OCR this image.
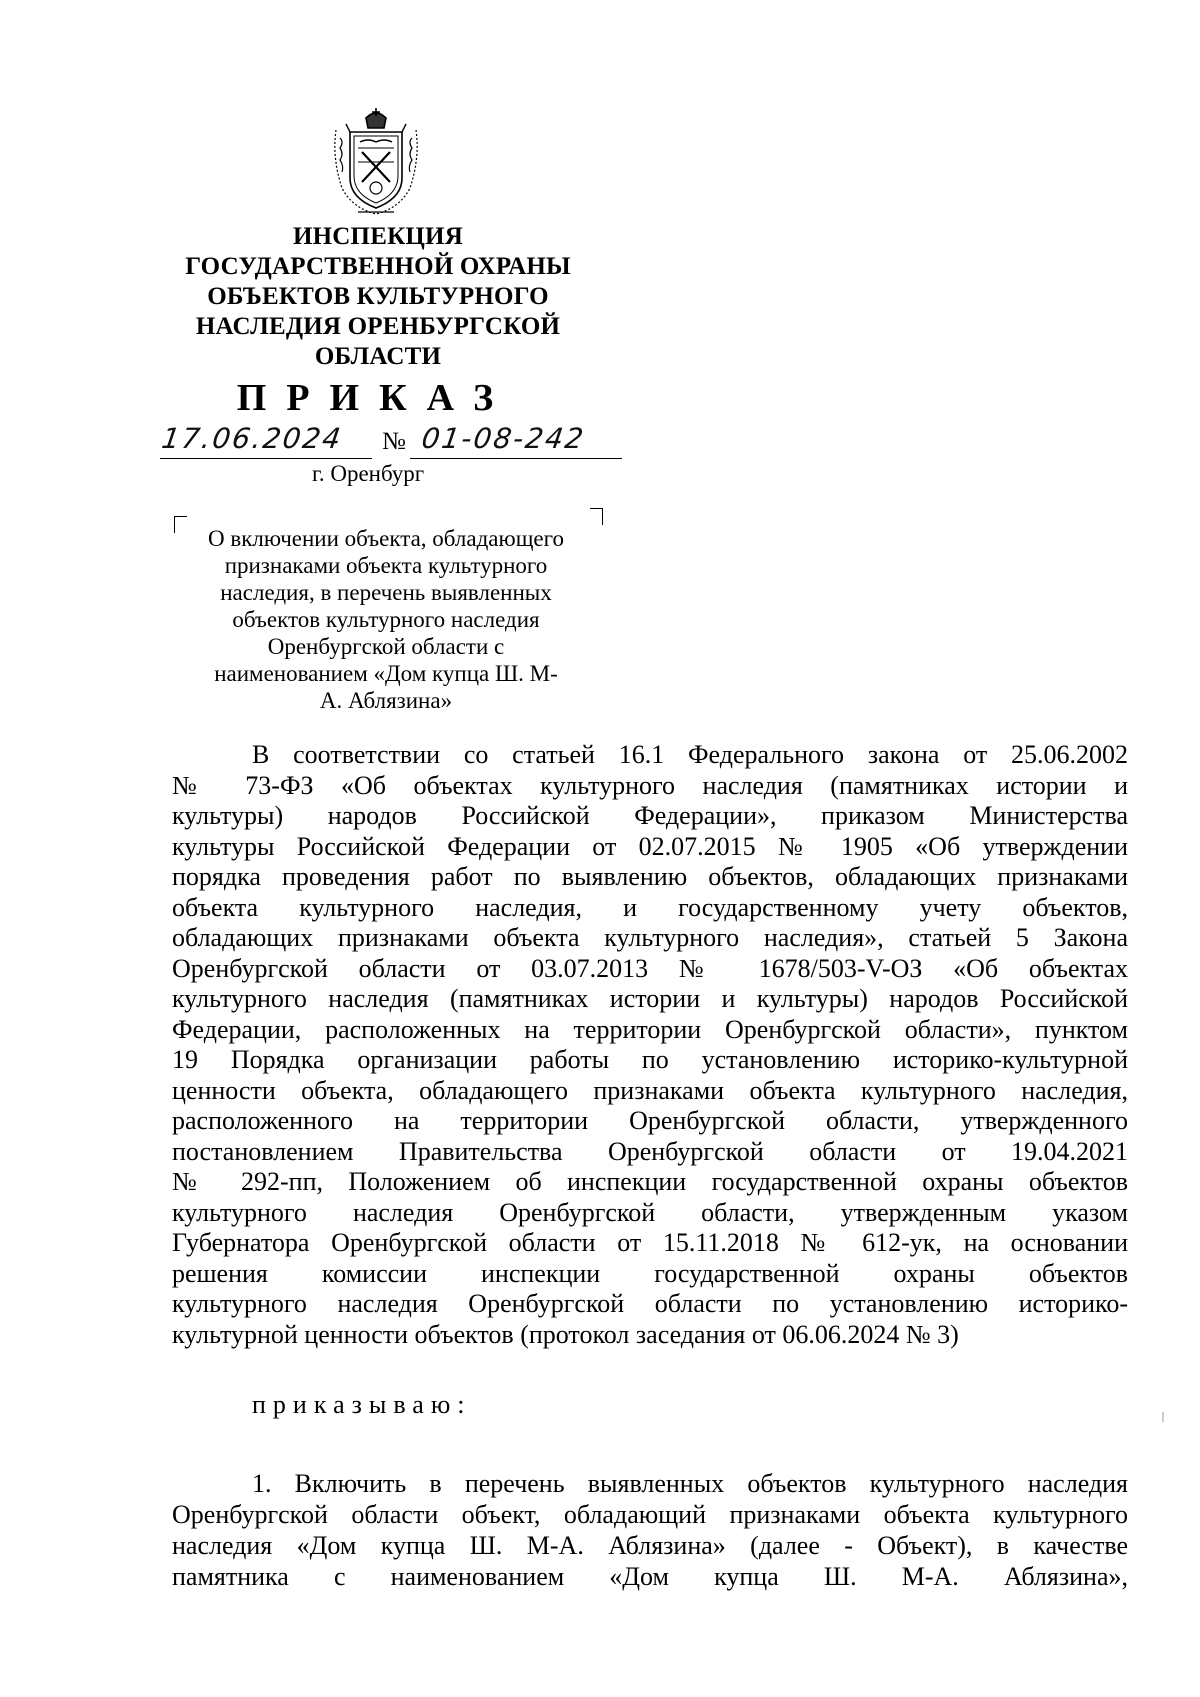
ИНСПЕКЦИЯ
ГОСУДАРСТВЕННОЙ ОХРАНЫ
ОБЪЕКТОВ КУЛЬТУРНОГО
НАСЛЕДИЯ ОРЕНБУРГСКОЙ
ОБЛАСТИ
ПРИКАЗ
17.06.2024 № 01-08-242
г. Оренбург
О включении объекта, обладающего
признаками объекта культурного
наследия, в перечень выявленных
объектов культурного наследия
Оренбургской области с
наименованием «Дом купца Ш. М-
А. Аблязина»
В соответствии со статьей 16.1 Федерального закона от 25.06.2002
№ 73-ФЗ «Об объектах культурного наследия (памятниках истории и
культуры) народов Российской Федерации», приказом Министерства
культуры Российской Федерации от 02.07.2015 № 1905 «Об утверждении
порядка проведения работ по выявлению объектов, обладающих признаками
объекта культурного наследия, и государственному учету объектов,
обладающих признаками объекта культурного наследия», статьей 5 Закона
Оренбургской области от 03.07.2013 № 1678/503-V-ОЗ «Об объектах
культурного наследия (памятниках истории и культуры) народов Российской
Федерации, расположенных на территории Оренбургской области», пунктом
19 Порядка организации работы по установлению историко-культурной
ценности объекта, обладающего признаками объекта культурного наследия,
расположенного на территории Оренбургской области, утвержденного
постановлением Правительства Оренбургской области от 19.04.2021
№ 292-пп, Положением об инспекции государственной охраны объектов
культурного наследия Оренбургской области, утвержденным указом
Губернатора Оренбургской области от 15.11.2018 № 612-ук, на основании
решения комиссии инспекции государственной охраны объектов
культурного наследия Оренбургской области по установлению историко-
культурной ценности объектов (протокол заседания от 06.06.2024 № 3)
приказываю:
1. Включить в перечень выявленных объектов культурного наследия
Оренбургской области объект, обладающий признаками объекта культурного
наследия «Дом купца Ш. М-А. Аблязина» (далее - Объект), в качестве
памятника с наименованием «Дом купца Ш. М-А. Аблязина»,
